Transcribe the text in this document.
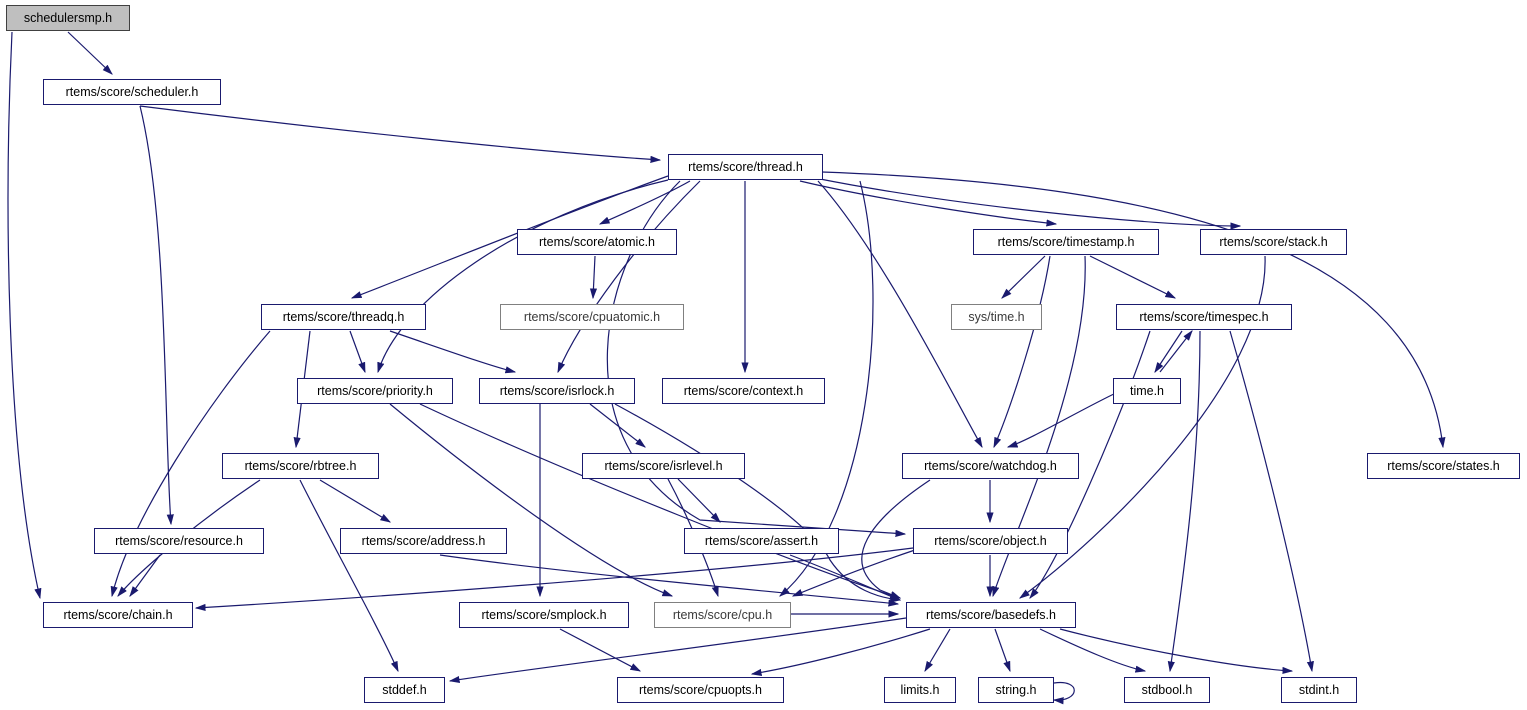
schedulersmp.h
rtems/score/scheduler.h
rtems/score/thread.h
rtems/score/atomic.h	rtems/score/timestamp.h	rtems/score/stack.h
rtems/score/cpuatomic.h
rtems/score/threadq.h	sys/time.h	rtems/score/timespec.h
rtems/score/priority.h	rtems/score/isrlock.h	rtems/score/context.h	time.h
rtems/score/rbtree.h	rtems/score/isrlevel.h	rtems/score/watchdog.h	rtems/score/states.h
rtems/score/resource.h	rtems/score/address.h	rtems/score/assert.h	rtems/score/object.h
rtems/score/chain.h	rtems/score/smplock.h	rtems/score/cpu.h	rtems/score/basedefs.h
stddef.h	rtems/score/cpuopts.h	limits.h	string.h	stdbool.h	stdint.h
